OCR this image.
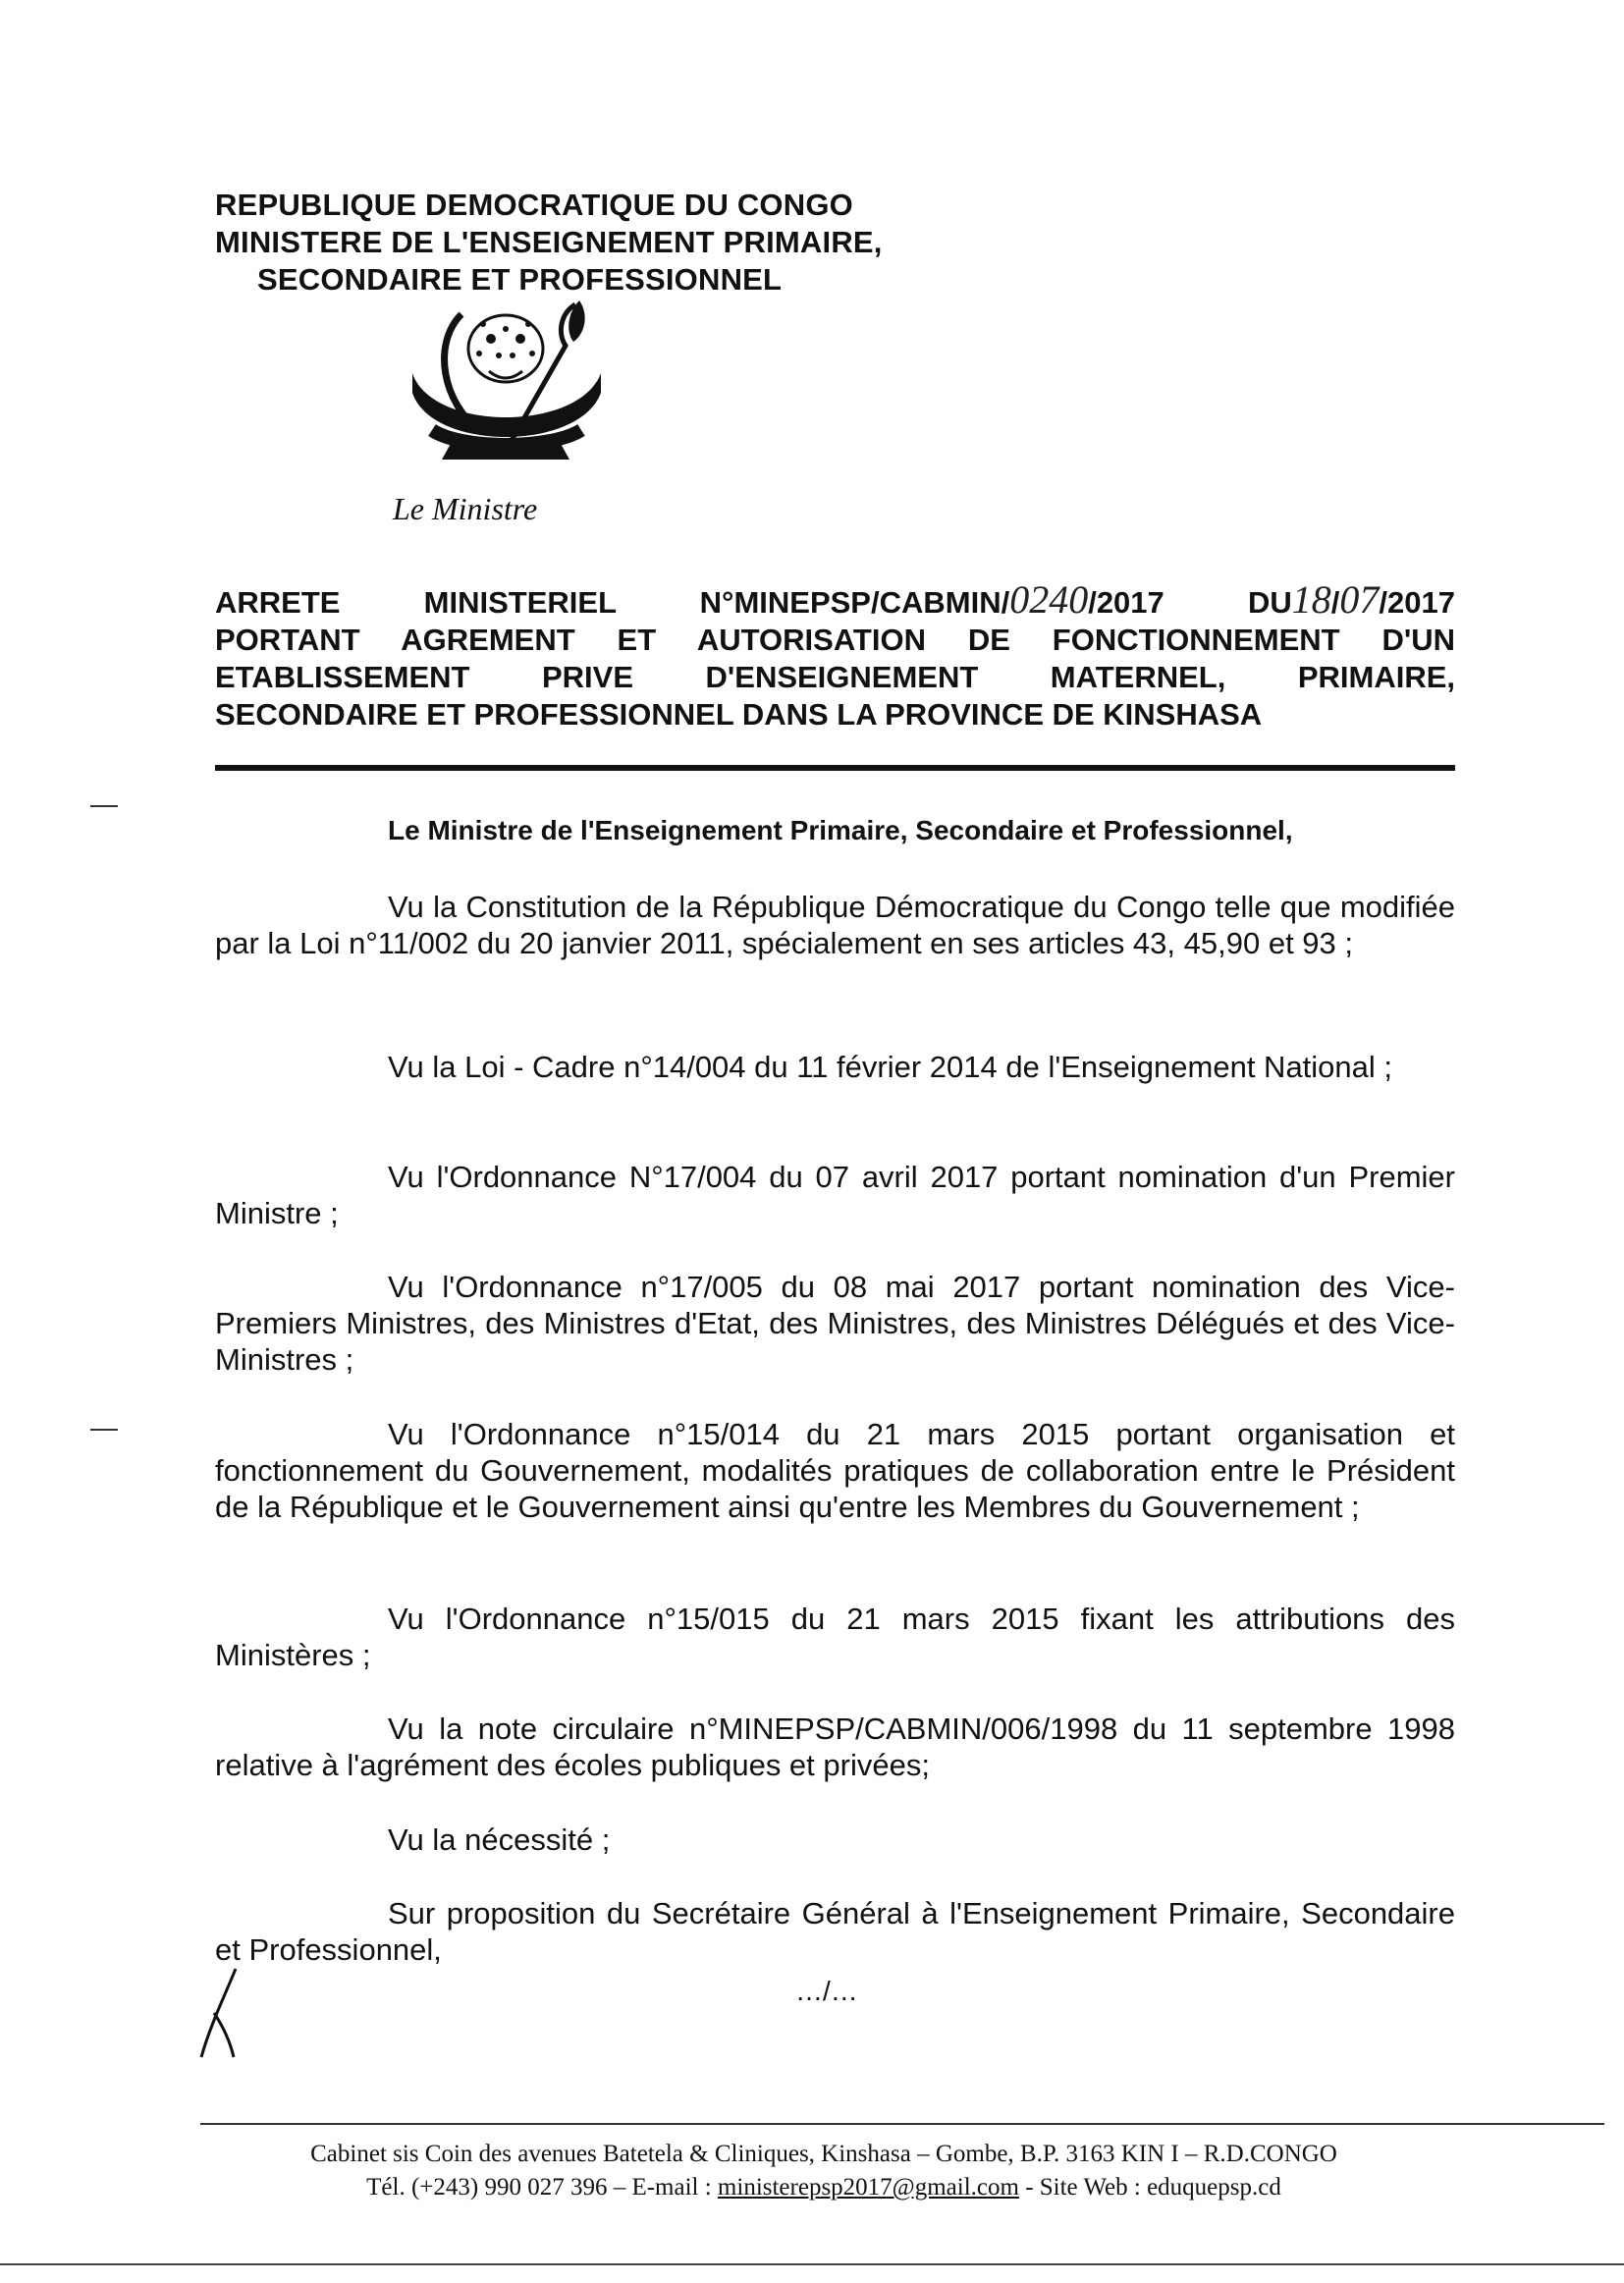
REPUBLIQUE DEMOCRATIQUE DU CONGO
MINISTERE DE L'ENSEIGNEMENT PRIMAIRE,
SECONDAIRE ET PROFESSIONNEL
Le Ministre
ARRETE MINISTERIEL N°MINEPSP/CABMIN/0240/2017	DU18/07/2017
PORTANT AGREMENT ET AUTORISATION DE FONCTIONNEMENT D'UN
ETABLISSEMENT PRIVE D'ENSEIGNEMENT MATERNEL, PRIMAIRE,
SECONDAIRE ET PROFESSIONNEL DANS LA PROVINCE DE KINSHASA
Le Ministre de l'Enseignement Primaire, Secondaire et Professionnel,
Vu la Constitution de la République Démocratique du Congo telle que modifiée par la Loi n°11/002 du 20 janvier 2011, spécialement en ses articles 43, 45,90 et 93 ;
Vu la Loi - Cadre n°14/004 du 11 février 2014 de l'Enseignement National ;
Vu l'Ordonnance N°17/004 du 07 avril 2017 portant nomination d'un Premier Ministre ;
Vu l'Ordonnance n°17/005 du 08 mai 2017 portant nomination des Vice-Premiers Ministres, des Ministres d'Etat, des Ministres, des Ministres Délégués et des Vice-Ministres ;
Vu l'Ordonnance n°15/014 du 21 mars 2015 portant organisation et fonctionnement du Gouvernement, modalités pratiques de collaboration entre le Président de la République et le Gouvernement ainsi qu'entre les Membres du Gouvernement ;
Vu l'Ordonnance n°15/015 du 21 mars 2015 fixant les attributions des Ministères ;
Vu la note circulaire n°MINEPSP/CABMIN/006/1998 du 11 septembre 1998 relative à l'agrément des écoles publiques et privées;
Vu la nécessité ;
Sur proposition du Secrétaire Général à l'Enseignement Primaire, Secondaire et Professionnel,
…/…
Cabinet sis Coin des avenues Batetela & Cliniques, Kinshasa – Gombe, B.P. 3163 KIN I – R.D.CONGO
Tél. (+243) 990 027 396 – E-mail : ministerepsp2017@gmail.com - Site Web : eduquepsp.cd
